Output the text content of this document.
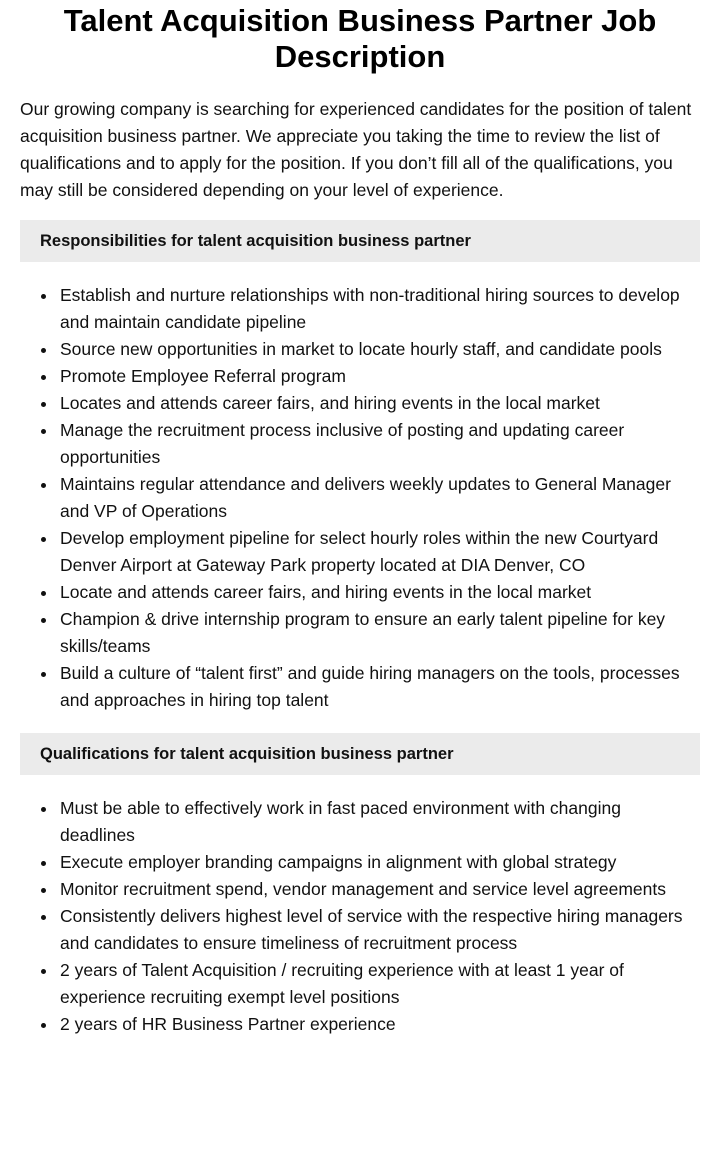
Talent Acquisition Business Partner Job Description

Our growing company is searching for experienced candidates for the position of talent acquisition business partner. We appreciate you taking the time to review the list of qualifications and to apply for the position. If you don’t fill all of the qualifications, you may still be considered depending on your level of experience.

Responsibilities for talent acquisition business partner
Establish and nurture relationships with non-traditional hiring sources to develop and maintain candidate pipeline
Source new opportunities in market to locate hourly staff, and candidate pools
Promote Employee Referral program
Locates and attends career fairs, and hiring events in the local market
Manage the recruitment process inclusive of posting and updating career opportunities
Maintains regular attendance and delivers weekly updates to General Manager and VP of Operations
Develop employment pipeline for select hourly roles within the new Courtyard Denver Airport at Gateway Park property located at DIA Denver, CO
Locate and attends career fairs, and hiring events in the local market
Champion & drive internship program to ensure an early talent pipeline for key skills/teams
Build a culture of “talent first” and guide hiring managers on the tools, processes and approaches in hiring top talent
Qualifications for talent acquisition business partner
Must be able to effectively work in fast paced environment with changing deadlines
Execute employer branding campaigns in alignment with global strategy
Monitor recruitment spend, vendor management and service level agreements
Consistently delivers highest level of service with the respective hiring managers and candidates to ensure timeliness of recruitment process
2 years of Talent Acquisition / recruiting experience with at least 1 year of experience recruiting exempt level positions
2 years of HR Business Partner experience
